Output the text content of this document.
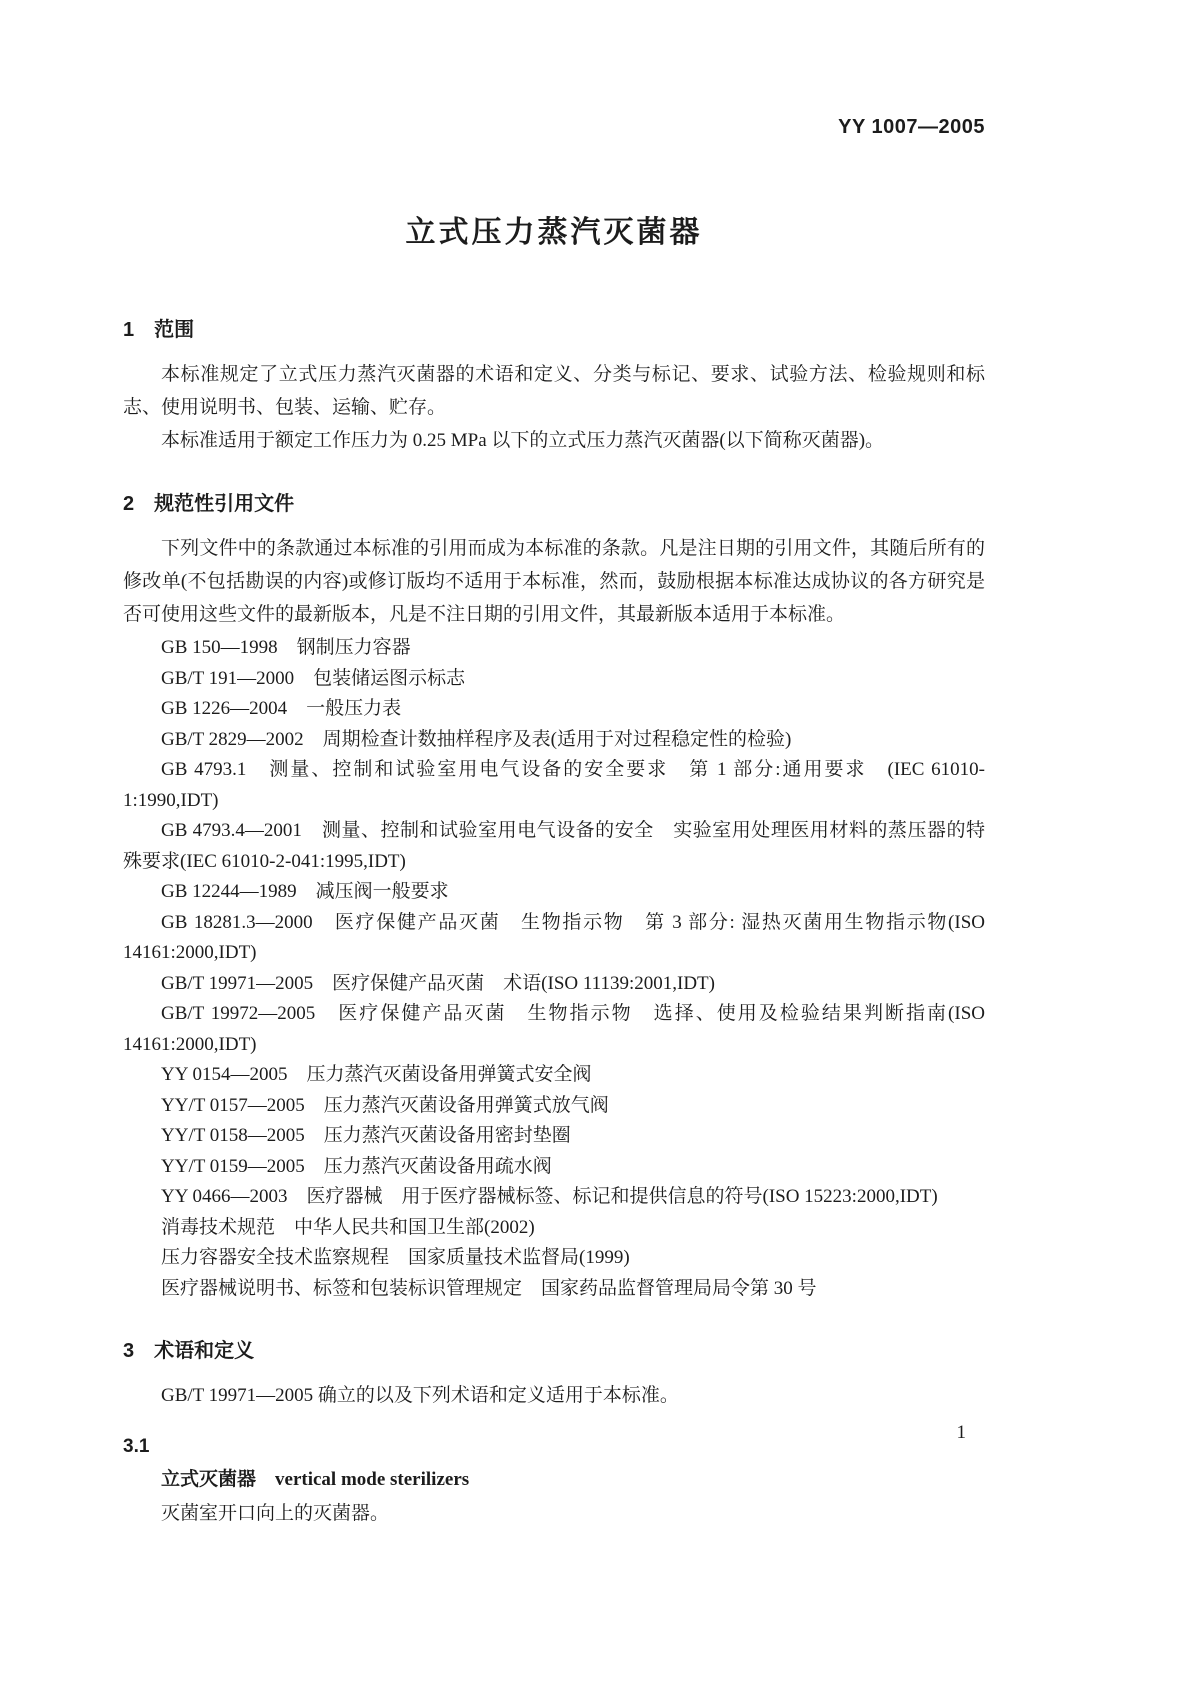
YY 1007—2005
立式压力蒸汽灭菌器
1　范围

本标准规定了立式压力蒸汽灭菌器的术语和定义、分类与标记、要求、试验方法、检验规则和标志、使用说明书、包装、运输、贮存。

本标准适用于额定工作压力为 0.25 MPa 以下的立式压力蒸汽灭菌器(以下简称灭菌器)。

2　规范性引用文件

下列文件中的条款通过本标准的引用而成为本标准的条款。凡是注日期的引用文件，其随后所有的修改单(不包括勘误的内容)或修订版均不适用于本标准，然而，鼓励根据本标准达成协议的各方研究是否可使用这些文件的最新版本，凡是不注日期的引用文件，其最新版本适用于本标准。

GB 150—1998　钢制压力容器
GB/T 191—2000　包装储运图示标志
GB 1226—2004　一般压力表
GB/T 2829—2002　周期检查计数抽样程序及表(适用于对过程稳定性的检验)
GB 4793.1　测量、控制和试验室用电气设备的安全要求　第 1 部分:通用要求　(IEC 61010-1:1990,IDT)
GB 4793.4—2001　测量、控制和试验室用电气设备的安全　实验室用处理医用材料的蒸压器的特殊要求(IEC 61010-2-041:1995,IDT)
GB 12244—1989　减压阀一般要求
GB 18281.3—2000　医疗保健产品灭菌　生物指示物　第 3 部分: 湿热灭菌用生物指示物(ISO 14161:2000,IDT)
GB/T 19971—2005　医疗保健产品灭菌　术语(ISO 11139:2001,IDT)
GB/T 19972—2005　医疗保健产品灭菌　生物指示物　选择、使用及检验结果判断指南(ISO 14161:2000,IDT)
YY 0154—2005　压力蒸汽灭菌设备用弹簧式安全阀
YY/T 0157—2005　压力蒸汽灭菌设备用弹簧式放气阀
YY/T 0158—2005　压力蒸汽灭菌设备用密封垫圈
YY/T 0159—2005　压力蒸汽灭菌设备用疏水阀
YY 0466—2003　医疗器械　用于医疗器械标签、标记和提供信息的符号(ISO 15223:2000,IDT)
消毒技术规范　中华人民共和国卫生部(2002)
压力容器安全技术监察规程　国家质量技术监督局(1999)
医疗器械说明书、标签和包装标识管理规定　国家药品监督管理局局令第 30 号
3　术语和定义

GB/T 19971—2005 确立的以及下列术语和定义适用于本标准。

3.1

立式灭菌器 vertical mode sterilizers

灭菌室开口向上的灭菌器。

1
